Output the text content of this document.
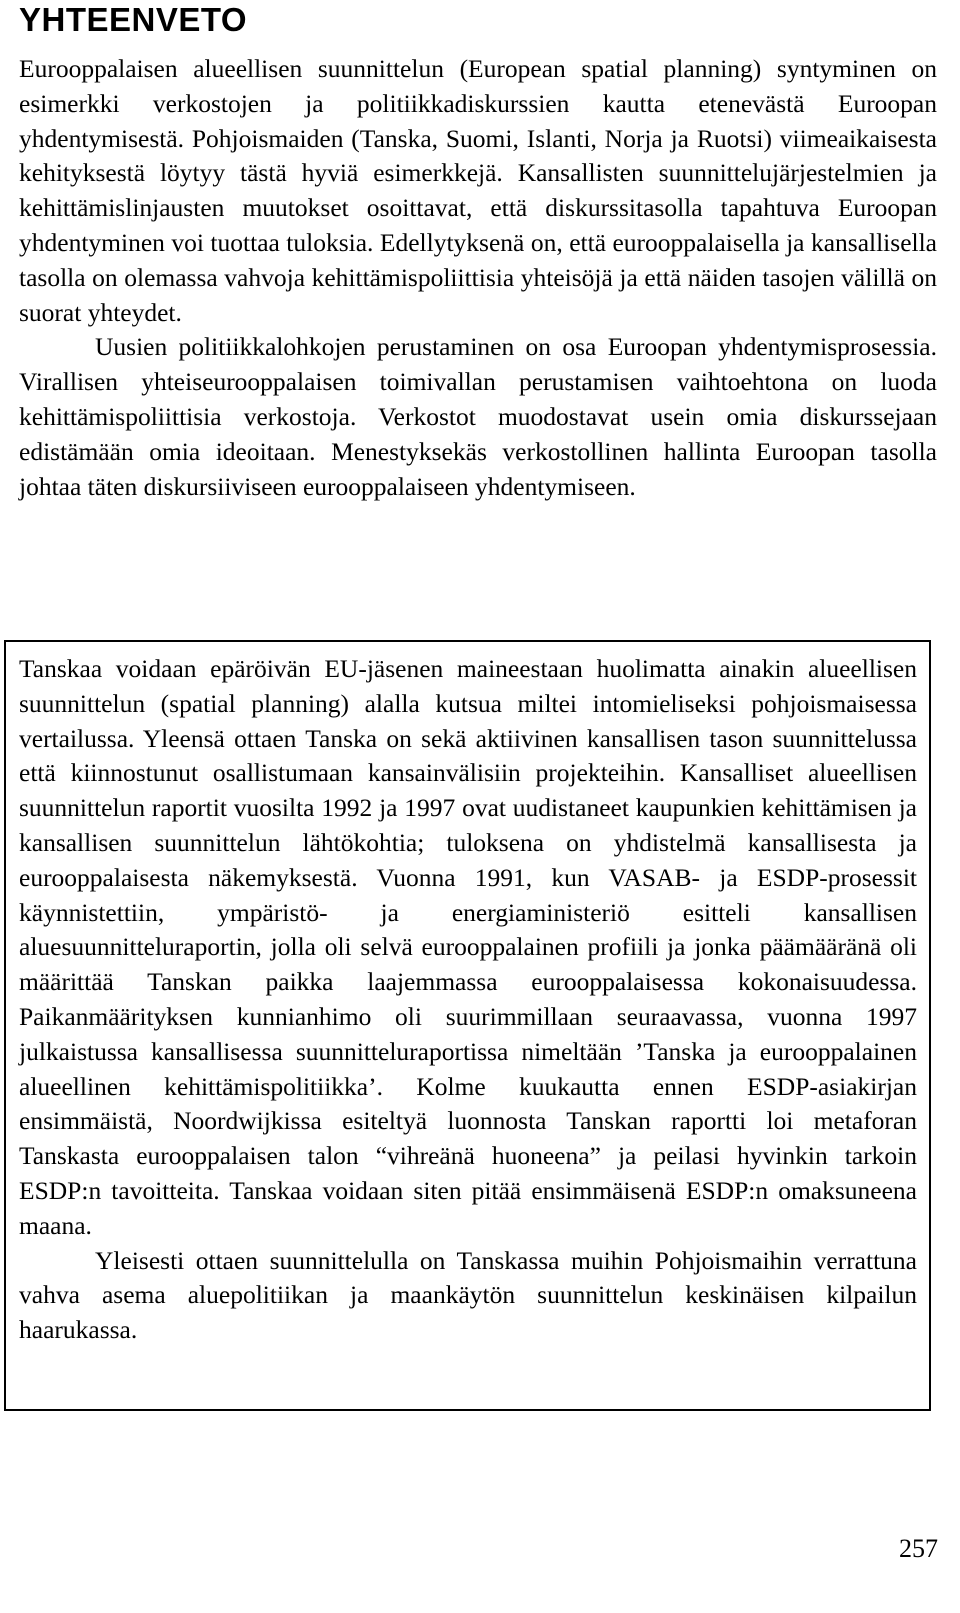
YHTEENVETO

Eurooppalaisen alueellisen suunnittelun (European spatial planning) syntyminen on esimerkki verkostojen ja politiikkadiskurssien kautta etenevästä Euroopan yhdentymisestä. Pohjoismaiden (Tanska, Suomi, Islanti, Norja ja Ruotsi) viimeaikaisesta kehityksestä löytyy tästä hyviä esimerkkejä. Kansallisten suunnittelujärjestelmien ja kehittämislinjausten muutokset osoittavat, että diskurssitasolla tapahtuva Euroopan yhdentyminen voi tuottaa tuloksia. Edellytyksenä on, että eurooppalaisella ja kansallisella tasolla on olemassa vahvoja kehittämispoliittisia yhteisöjä ja että näiden tasojen välillä on suorat yhteydet.

Uusien politiikkalohkojen perustaminen on osa Euroopan yhdentymisprosessia. Virallisen yhteiseurooppalaisen toimivallan perustamisen vaihtoehtona on luoda kehittämispoliittisia verkostoja. Verkostot muodostavat usein omia diskurssejaan edistämään omia ideoitaan. Menestyksekäs verkostollinen hallinta Euroopan tasolla johtaa täten diskursiiviseen eurooppalaiseen yhdentymiseen.

Tanskaa voidaan epäröivän EU-jäsenen maineestaan huolimatta ainakin alueellisen suunnittelun (spatial planning) alalla kutsua miltei intomieliseksi pohjoismaisessa vertailussa. Yleensä ottaen Tanska on sekä aktiivinen kansallisen tason suunnittelussa että kiinnostunut osallistumaan kansainvälisiin projekteihin. Kansalliset alueellisen suunnittelun raportit vuosilta 1992 ja 1997 ovat uudistaneet kaupunkien kehittämisen ja kansallisen suunnittelun lähtökohtia; tuloksena on yhdistelmä kansallisesta ja eurooppalaisesta näkemyksestä. Vuonna 1991, kun VASAB- ja ESDP-prosessit käynnistettiin, ympäristö- ja energiaministeriö esitteli kansallisen aluesuunnitteluraportin, jolla oli selvä eurooppalainen profiili ja jonka päämääränä oli määrittää Tanskan paikka laajemmassa eurooppalaisessa kokonaisuudessa. Paikanmäärityksen kunnianhimo oli suurimmillaan seuraavassa, vuonna 1997 julkaistussa kansallisessa suunnitteluraportissa nimeltään ’Tanska ja eurooppalainen alueellinen kehittämispolitiikka’. Kolme kuukautta ennen ESDP-asiakirjan ensimmäistä, Noordwijkissa esiteltyä luonnosta Tanskan raportti loi metaforan Tanskasta eurooppalaisen talon “vihreänä huoneena” ja peilasi hyvinkin tarkoin ESDP:n tavoitteita. Tanskaa voidaan siten pitää ensimmäisenä ESDP:n omaksuneena maana.

Yleisesti ottaen suunnittelulla on Tanskassa muihin Pohjoismaihin verrattuna vahva asema aluepolitiikan ja maankäytön suunnittelun keskinäisen kilpailun haarukassa.

257
